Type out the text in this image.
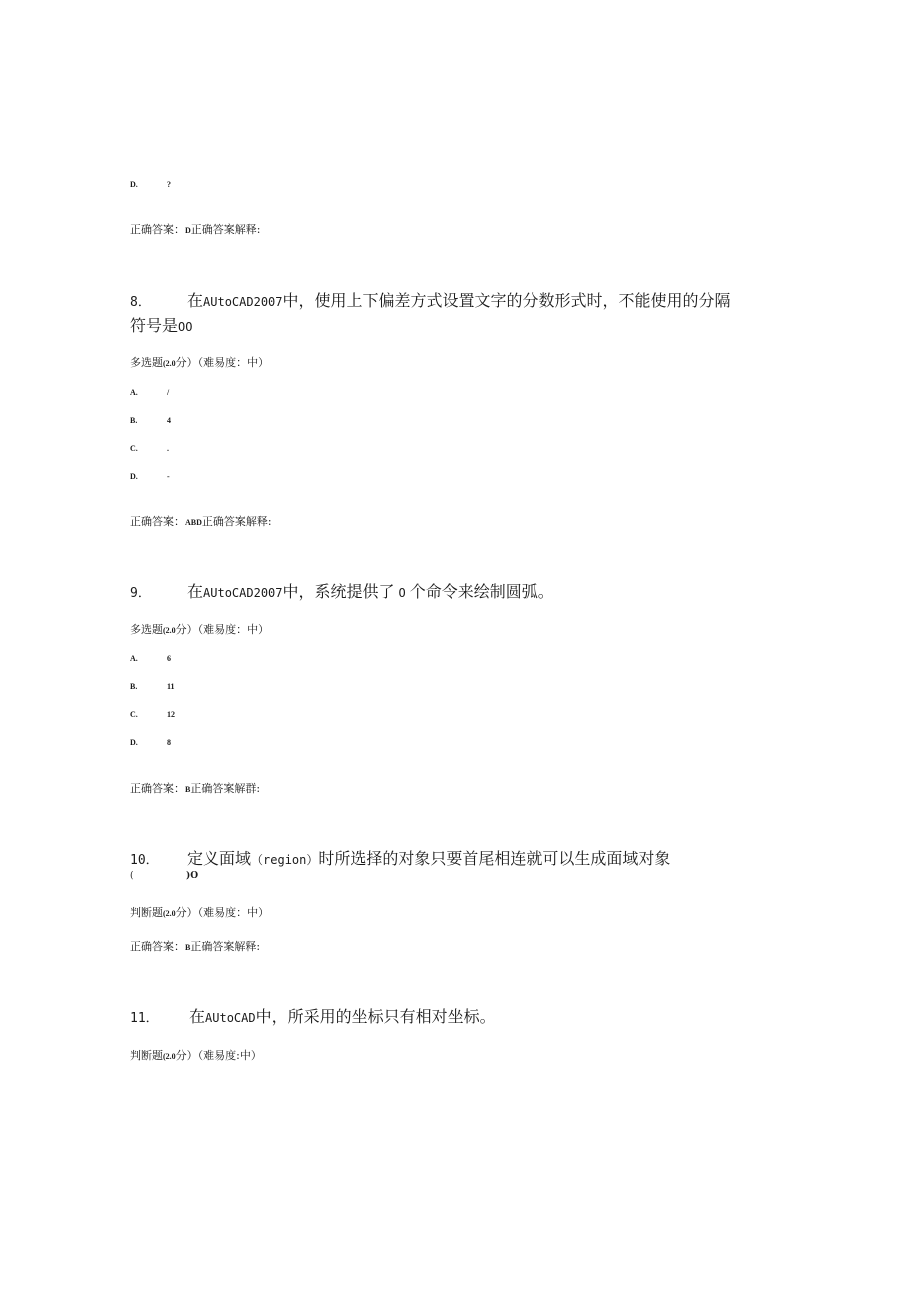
D.	?
正确答案：D正确答案解释:
8． 在AUtoCAD2007中，使用上下偏差方式设置文字的分数形式时，不能使用的分隔
符号是OO
多选题(2.0分）（难易度：中）
A.	/
B.	4
C.	.
D.	-
正确答案：ABD正确答案解释:
9． 在AUtoCAD2007中，系统提供了 O 个命令来绘制圆弧。
多选题(2.0分）（难易度：中）
A.	6
B.	11
C.	12
D.	8
正确答案：B正确答案解群:
10． 定义面域（region）时所选择的对象只要首尾相连就可以生成面域对象
(	)O
判断题(2.0分）（难易度：中）
正确答案：B正确答案解释:
11． 在AUtoCAD中，所采用的坐标只有相对坐标。
判断题(2.0分）（难易度:中）
